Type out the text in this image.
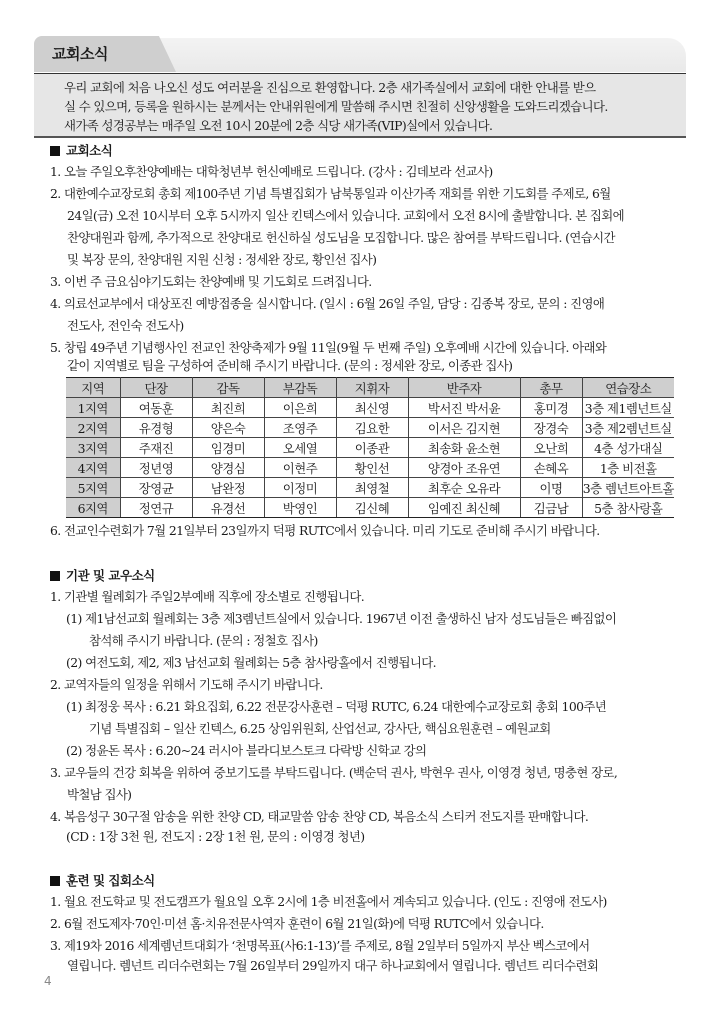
교회소식
우리 교회에 처음 나오신 성도 여러분을 진심으로 환영합니다. 2층 새가족실에서 교회에 대한 안내를 받으
실 수 있으며, 등록을 원하시는 분께서는 안내위원에게 말씀해 주시면 친절히 신앙생활을 도와드리겠습니다.
새가족 성경공부는 매주일 오전 10시 20분에 2층 식당 새가족(VIP)실에서 있습니다.
교회소식
1. 오늘 주일오후찬양예배는 대학청년부 헌신예배로 드립니다. (강사 : 김데보라 선교사)
2. 대한예수교장로회 총회 제100주년 기념 특별집회가 남북통일과 이산가족 재회를 위한 기도회를 주제로, 6월
24일(금) 오전 10시부터 오후 5시까지 일산 킨텍스에서 있습니다. 교회에서 오전 8시에 출발합니다. 본 집회에
찬양대원과 함께, 추가적으로 찬양대로 헌신하실 성도님을 모집합니다. 많은 참여를 부탁드립니다. (연습시간
및 복장 문의, 찬양대원 지원 신청 : 정세완 장로, 황인선 집사)
3. 이번 주 금요심야기도회는 찬양예배 및 기도회로 드려집니다.
4. 의료선교부에서 대상포진 예방접종을 실시합니다. (일시 : 6월 26일 주일, 담당 : 김종복 장로, 문의 : 진영애
전도사, 전인숙 전도사)
5. 창립 49주년 기념행사인 전교인 찬양축제가 9월 11일(9월 두 번째 주일) 오후예배 시간에 있습니다. 아래와
같이 지역별로 팀을 구성하여 준비해 주시기 바랍니다. (문의 : 정세완 장로, 이종관 집사)
지역	단장	감독	부감독	지휘자	반주자	총무	연습장소
1지역	여동훈	최진희	이은희	최신영	박서진 박서윤	홍미경	3층 제1렘넌트실
2지역	유경형	양은숙	조영주	김요한	이서은 김지현	장경숙	3층 제2렘넌트실
3지역	주재진	임경미	오세열	이종관	최송화 윤소현	오난희	4층 성가대실
4지역	정년영	양경심	이현주	황인선	양경아 조유연	손혜옥	1층 비전홀
5지역	장영균	남완정	이정미	최영철	최후순 오유라	이명	3층 렘넌트아트홀
6지역	정연규	유경선	박영인	김신혜	임예진 최신혜	김금남	5층 참사랑홀
6. 전교인수련회가 7월 21일부터 23일까지 덕평 RUTC에서 있습니다. 미리 기도로 준비해 주시기 바랍니다.
기관 및 교우소식
1. 기관별 월례회가 주일2부예배 직후에 장소별로 진행됩니다.
(1) 제1남선교회 월례회는 3층 제3렘넌트실에서 있습니다. 1967년 이전 출생하신 남자 성도님들은 빠짐없이
참석해 주시기 바랍니다. (문의 : 정철호 집사)
(2) 여전도회, 제2, 제3 남선교회 월례회는 5층 참사랑홀에서 진행됩니다.
2. 교역자들의 일정을 위해서 기도해 주시기 바랍니다.
(1) 최정웅 목사 : 6.21 화요집회, 6.22 전문강사훈련 – 덕평 RUTC, 6.24 대한예수교장로회 총회 100주년
기념 특별집회 – 일산 킨텍스, 6.25 상임위원회, 산업선교, 강사단, 핵심요원훈련 – 예원교회
(2) 정윤돈 목사 : 6.20~24 러시아 블라디보스토크 다락방 신학교 강의
3. 교우들의 건강 회복을 위하여 중보기도를 부탁드립니다. (백순덕 권사, 박현우 권사, 이영경 청년, 명충현 장로,
박철남 집사)
4. 복음성구 30구절 암송을 위한 찬양 CD, 태교말씀 암송 찬양 CD, 복음소식 스티커 전도지를 판매합니다.
(CD : 1장 3천 원, 전도지 : 2장 1천 원, 문의 : 이영경 청년)
훈련 및 집회소식
1. 월요 전도학교 및 전도캠프가 월요일 오후 2시에 1층 비전홀에서 계속되고 있습니다. (인도 : 진영애 전도사)
2. 6월 전도제자·70인·미션 홈·치유전문사역자 훈련이 6월 21일(화)에 덕평 RUTC에서 있습니다.
3. 제19차 2016 세계렘넌트대회가 ‘천명목표(사6:1-13)’를 주제로, 8월 2일부터 5일까지 부산 벡스코에서
열립니다. 렘넌트 리더수련회는 7월 26일부터 29일까지 대구 하나교회에서 열립니다. 렘넌트 리더수련회
4
